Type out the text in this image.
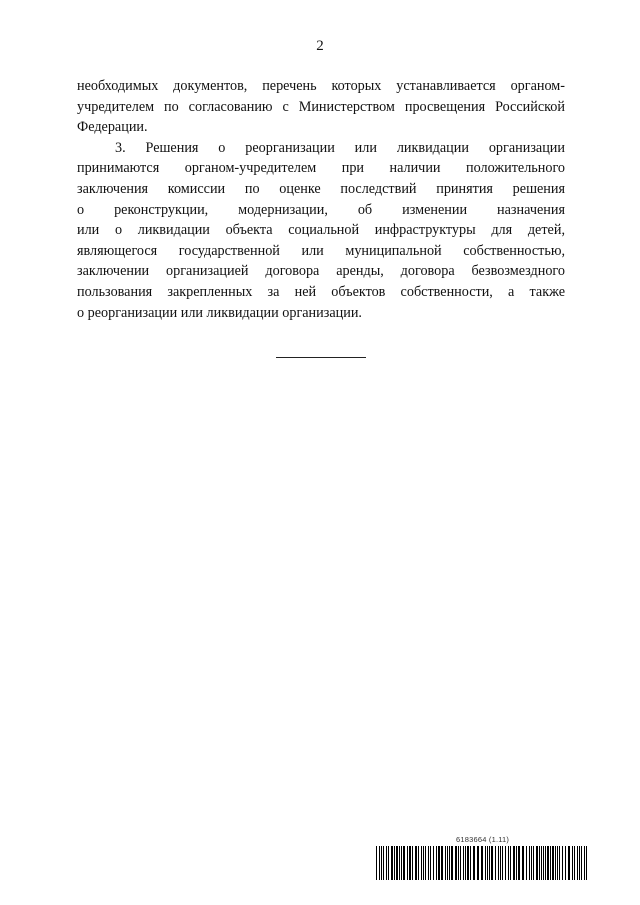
2

необходимых документов, перечень которых устанавливается органом-
учредителем по согласованию с Министерством просвещения Российской
Федерации.

3. Решения о реорганизации или ликвидации организации
принимаются органом-учредителем при наличии положительного
заключения комиссии по оценке последствий принятия решения
о реконструкции, модернизации, об изменении назначения
или о ликвидации объекта социальной инфраструктуры для детей,
являющегося государственной или муниципальной собственностью,
заключении организацией договора аренды, договора безвозмездного
пользования закрепленных за ней объектов собственности, а также
о реорганизации или ликвидации организации.

6183664 (1.11)
